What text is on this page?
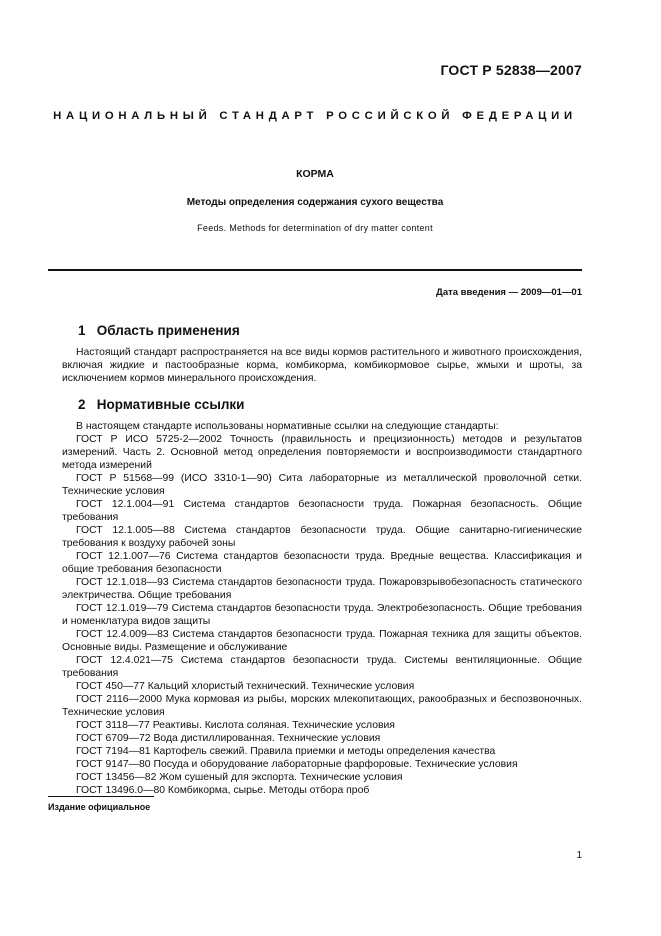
ГОСТ Р 52838—2007
НАЦИОНАЛЬНЫЙ СТАНДАРТ РОССИЙСКОЙ ФЕДЕРАЦИИ
КОРМА
Методы определения содержания сухого вещества
Feeds. Methods for determination of dry matter content
Дата введения — 2009—01—01
1 Область применения

Настоящий стандарт распространяется на все виды кормов растительного и животного происхождения, включая жидкие и пастообразные корма, комбикорма, комбикормовое сырье, жмыхи и шроты, за исключением кормов минерального происхождения.

2 Нормативные ссылки

В настоящем стандарте использованы нормативные ссылки на следующие стандарты:

ГОСТ Р ИСО 5725-2—2002 Точность (правильность и прецизионность) методов и результатов измерений. Часть 2. Основной метод определения повторяемости и воспроизводимости стандартного метода измерений

ГОСТ Р 51568—99 (ИСО 3310-1—90) Сита лабораторные из металлической проволочной сетки. Технические условия

ГОСТ 12.1.004—91 Система стандартов безопасности труда. Пожарная безопасность. Общие требования

ГОСТ 12.1.005—88 Система стандартов безопасности труда. Общие санитарно-гигиенические требования к воздуху рабочей зоны

ГОСТ 12.1.007—76 Система стандартов безопасности труда. Вредные вещества. Классификация и общие требования безопасности

ГОСТ 12.1.018—93 Система стандартов безопасности труда. Пожаровзрывобезопасность статического электричества. Общие требования

ГОСТ 12.1.019—79 Система стандартов безопасности труда. Электробезопасность. Общие требования и номенклатура видов защиты

ГОСТ 12.4.009—83 Система стандартов безопасности труда. Пожарная техника для защиты объектов. Основные виды. Размещение и обслуживание

ГОСТ 12.4.021—75 Система стандартов безопасности труда. Системы вентиляционные. Общие требования

ГОСТ 450—77 Кальций хлористый технический. Технические условия

ГОСТ 2116—2000 Мука кормовая из рыбы, морских млекопитающих, ракообразных и беспозвоночных. Технические условия

ГОСТ 3118—77 Реактивы. Кислота соляная. Технические условия

ГОСТ 6709—72 Вода дистиллированная. Технические условия

ГОСТ 7194—81 Картофель свежий. Правила приемки и методы определения качества

ГОСТ 9147—80 Посуда и оборудование лабораторные фарфоровые. Технические условия

ГОСТ 13456—82 Жом сушеный для экспорта. Технические условия

ГОСТ 13496.0—80 Комбикорма, сырье. Методы отбора проб

Издание официальное
1
